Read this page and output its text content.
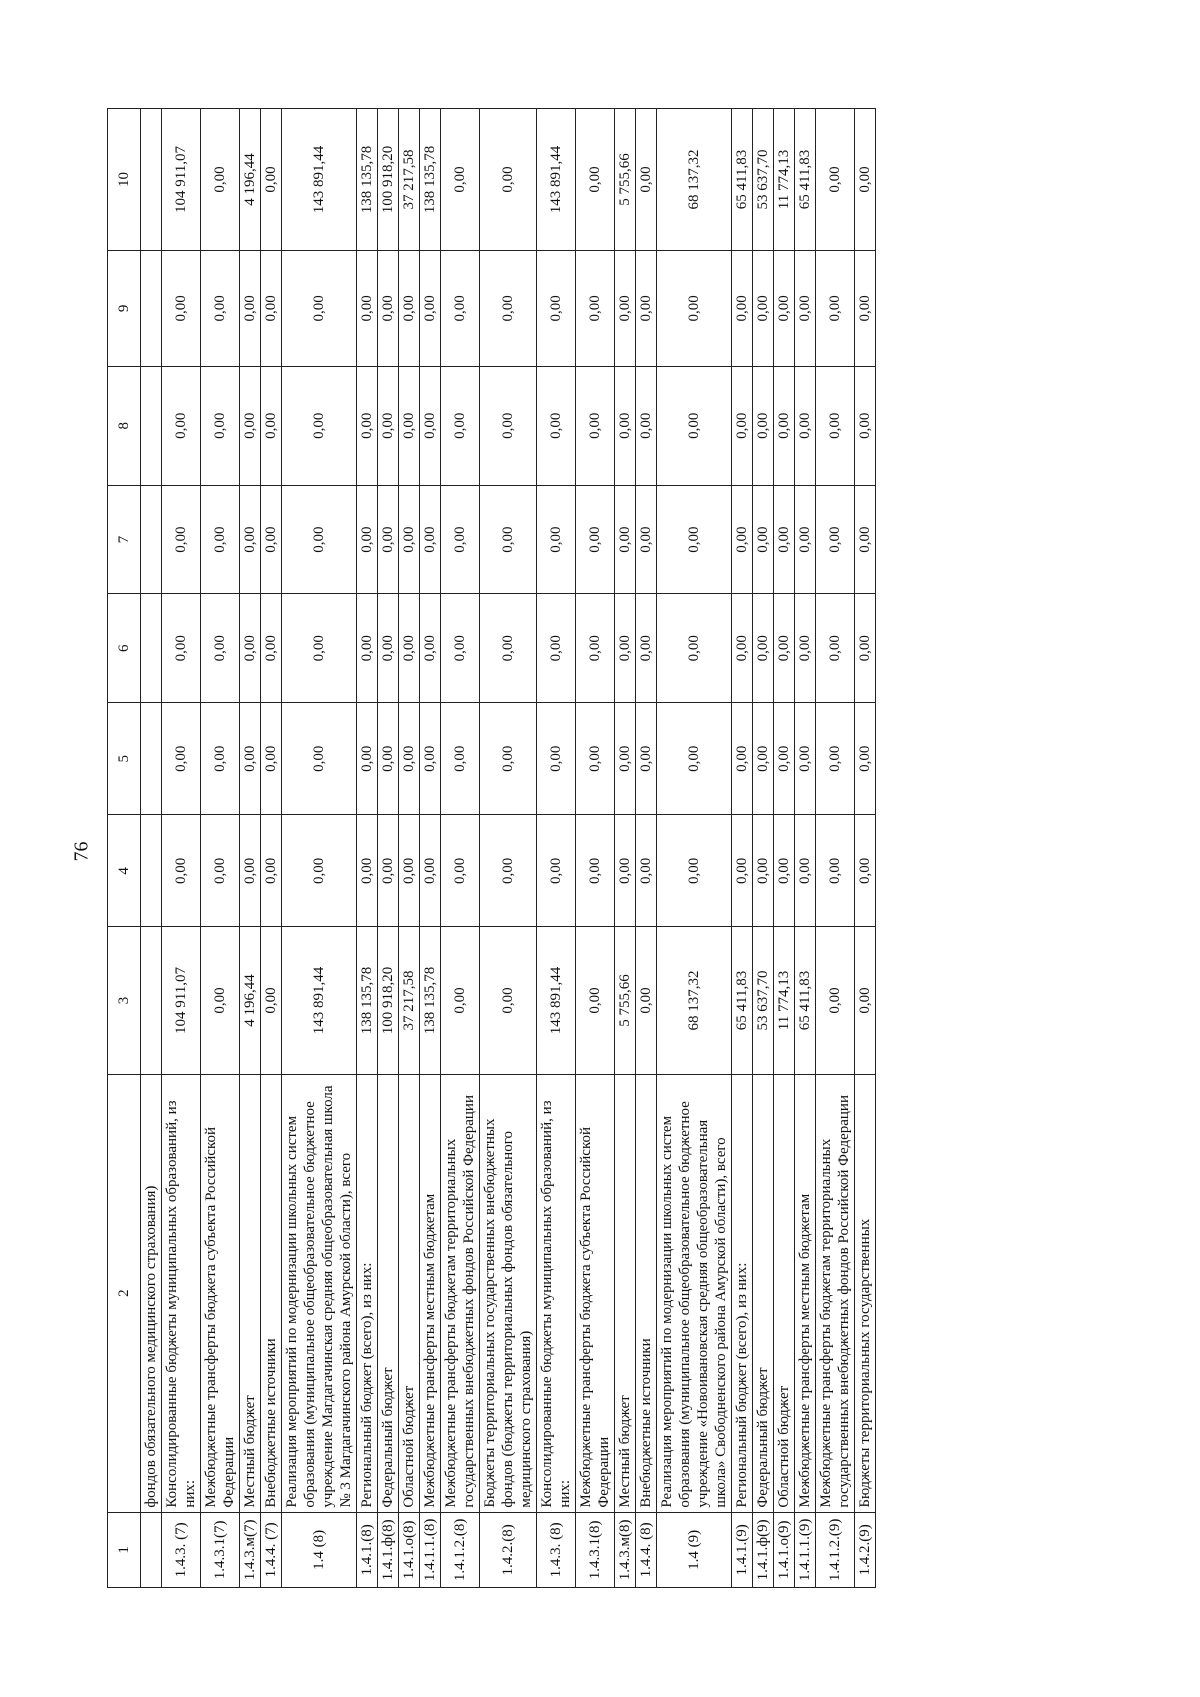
76
1	2	3	4	5	6	7	8	9	10
	фондов обязательного медицинского страхования)								
1.4.3. (7)	Консолидированные бюджеты муниципальных образований, из них:	104 911,07	0,00	0,00	0,00	0,00	0,00	0,00	104 911,07
1.4.3.1(7)	Межбюджетные трансферты бюджета субъекта Российской Федерации	0,00	0,00	0,00	0,00	0,00	0,00	0,00	0,00
1.4.3.м(7)	Местный бюджет	4 196,44	0,00	0,00	0,00	0,00	0,00	0,00	4 196,44
1.4.4. (7)	Внебюджетные источники	0,00	0,00	0,00	0,00	0,00	0,00	0,00	0,00
1.4 (8)	Реализация мероприятий по модернизации школьных систем образования (муниципальное общеобразовательное бюджетное учреждение Магдагачинская средняя общеобразовательная школа № 3 Магдагачинского района Амурской области), всего	143 891,44	0,00	0,00	0,00	0,00	0,00	0,00	143 891,44
1.4.1.(8)	Региональный бюджет (всего), из них:	138 135,78	0,00	0,00	0,00	0,00	0,00	0,00	138 135,78
1.4.1.ф(8)	Федеральный бюджет	100 918,20	0,00	0,00	0,00	0,00	0,00	0,00	100 918,20
1.4.1.о(8)	Областной бюджет	37 217,58	0,00	0,00	0,00	0,00	0,00	0,00	37 217,58
1.4.1.1.(8)	Межбюджетные трансферты местным бюджетам	138 135,78	0,00	0,00	0,00	0,00	0,00	0,00	138 135,78
1.4.1.2.(8)	Межбюджетные трансферты бюджетам территориальных государственных внебюджетных фондов Российской Федерации	0,00	0,00	0,00	0,00	0,00	0,00	0,00	0,00
1.4.2.(8)	Бюджеты территориальных государственных внебюджетных фондов (бюджеты территориальных фондов обязательного медицинского страхования)	0,00	0,00	0,00	0,00	0,00	0,00	0,00	0,00
1.4.3. (8)	Консолидированные бюджеты муниципальных образований, из них:	143 891,44	0,00	0,00	0,00	0,00	0,00	0,00	143 891,44
1.4.3.1(8)	Межбюджетные трансферты бюджета субъекта Российской Федерации	0,00	0,00	0,00	0,00	0,00	0,00	0,00	0,00
1.4.3.м(8)	Местный бюджет	5 755,66	0,00	0,00	0,00	0,00	0,00	0,00	5 755,66
1.4.4. (8)	Внебюджетные источники	0,00	0,00	0,00	0,00	0,00	0,00	0,00	0,00
1.4 (9)	Реализация мероприятий по модернизации школьных систем образования (муниципальное общеобразовательное бюджетное учреждение «Новоивановская средняя общеобразовательная школа» Свободненского района Амурской области), всего	68 137,32	0,00	0,00	0,00	0,00	0,00	0,00	68 137,32
1.4.1.(9)	Региональный бюджет (всего), из них:	65 411,83	0,00	0,00	0,00	0,00	0,00	0,00	65 411,83
1.4.1.ф(9)	Федеральный бюджет	53 637,70	0,00	0,00	0,00	0,00	0,00	0,00	53 637,70
1.4.1.о(9)	Областной бюджет	11 774,13	0,00	0,00	0,00	0,00	0,00	0,00	11 774,13
1.4.1.1.(9)	Межбюджетные трансферты местным бюджетам	65 411,83	0,00	0,00	0,00	0,00	0,00	0,00	65 411,83
1.4.1.2.(9)	Межбюджетные трансферты бюджетам территориальных государственных внебюджетных фондов Российской Федерации	0,00	0,00	0,00	0,00	0,00	0,00	0,00	0,00
1.4.2.(9)	Бюджеты территориальных государственных	0,00	0,00	0,00	0,00	0,00	0,00	0,00	0,00
